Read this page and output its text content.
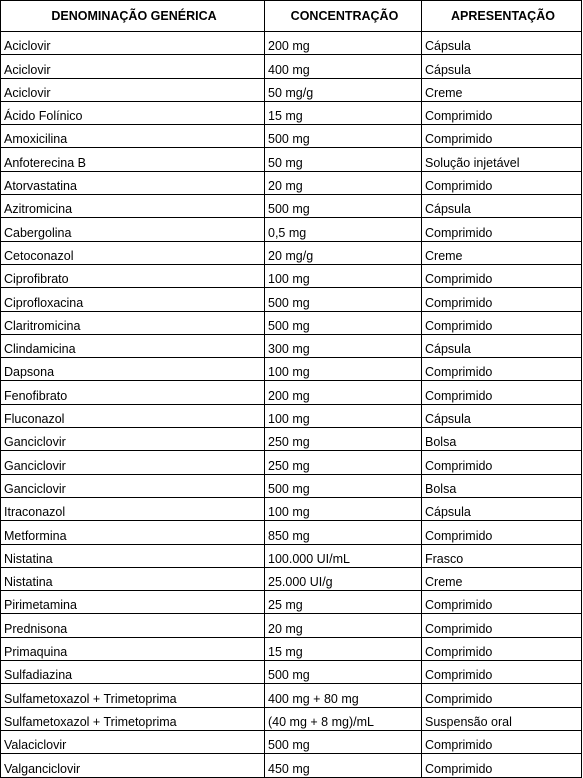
DENOMINAÇÃO GENÉRICA	CONCENTRAÇÃO	APRESENTAÇÃO
Aciclovir	200 mg	Cápsula
Aciclovir	400 mg	Cápsula
Aciclovir	50 mg/g	Creme
Ácido Folínico	15 mg	Comprimido
Amoxicilina	500 mg	Comprimido
Anfoterecina B	50 mg	Solução injetável
Atorvastatina	20 mg	Comprimido
Azitromicina	500 mg	Cápsula
Cabergolina	0,5 mg	Comprimido
Cetoconazol	20 mg/g	Creme
Ciprofibrato	100 mg	Comprimido
Ciprofloxacina	500 mg	Comprimido
Claritromicina	500 mg	Comprimido
Clindamicina	300 mg	Cápsula
Dapsona	100 mg	Comprimido
Fenofibrato	200 mg	Comprimido
Fluconazol	100 mg	Cápsula
Ganciclovir	250 mg	Bolsa
Ganciclovir	250 mg	Comprimido
Ganciclovir	500 mg	Bolsa
Itraconazol	100 mg	Cápsula
Metformina	850 mg	Comprimido
Nistatina	100.000 UI/mL	Frasco
Nistatina	25.000 UI/g	Creme
Pirimetamina	25 mg	Comprimido
Prednisona	20 mg	Comprimido
Primaquina	15 mg	Comprimido
Sulfadiazina	500 mg	Comprimido
Sulfametoxazol + Trimetoprima	400 mg + 80 mg	Comprimido
Sulfametoxazol + Trimetoprima	(40 mg + 8 mg)/mL	Suspensão oral
Valaciclovir	500 mg	Comprimido
Valganciclovir	450 mg	Comprimido
